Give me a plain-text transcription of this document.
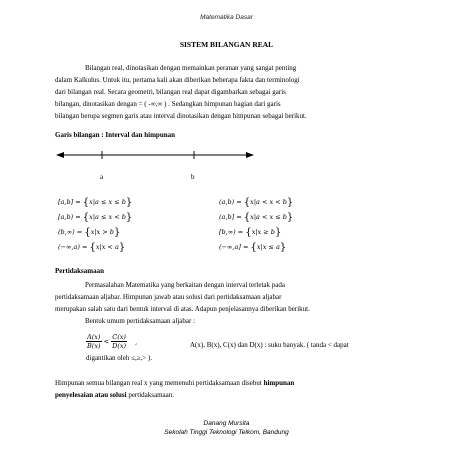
Matematika Dasar
SISTEM BILANGAN REAL
Bilangan real, dinotasikan dengan memainkan peranan yang sangat penting
dalam Kalkulus. Untuk itu, pertama kali akan diberikan beberapa fakta dan terminologi
dari bilangan real. Secara geometri, bilangan real dapat digambarkan sebagai garis
bilangan, dinotasikan dengan = ( -∞,∞ ) . Sedangkan himpunan bagian dari garis
bilangan berupa segmen garis atau interval dinotasikan dengan himpunan sebagai berikut.
Garis bilangan : Interval dan himpunan
a	b
[a,b] = {x|a ≤ x ≤ b}
[a,b) = {x|a ≤ x < b}
(b,∞) = {x|x > b}
(−∞,a) = {x|x < a}
(a,b) = {x|a < x < b}
(a,b] = {x|a < x ≤ b}
[b,∞) = {x|x ≥ b}
(−∞,a] = {x|x ≤ a}
Pertidaksamaan
Permasalahan Matematika yang berkaitan dengan interval terletak pada
pertidaksamaan aljabar. Himpunan jawab atau solusi dari pertidaksamaan aljabar
merupakan salah satu dari bentuk interval di atas. Adapun penjelasannya diberikan berikut.
Bentuk umum pertidaksamaan aljabar :
$\frac{A(x)}{B(x)} < \frac{C(x)}{D(x)}$ ,	A(x), B(x), C(x) dan D(x) : suku banyak. ( tanda < dapat
digantikan oleh ≤,≥,> ).
Himpunan semua bilangan real x yang memenuhi pertidaksamaan disebut himpunan
penyelesaian atau solusi pertidaksamaan.
Danang Mursita
Sekolah Tinggi Teknologi Telkom, Bandung
